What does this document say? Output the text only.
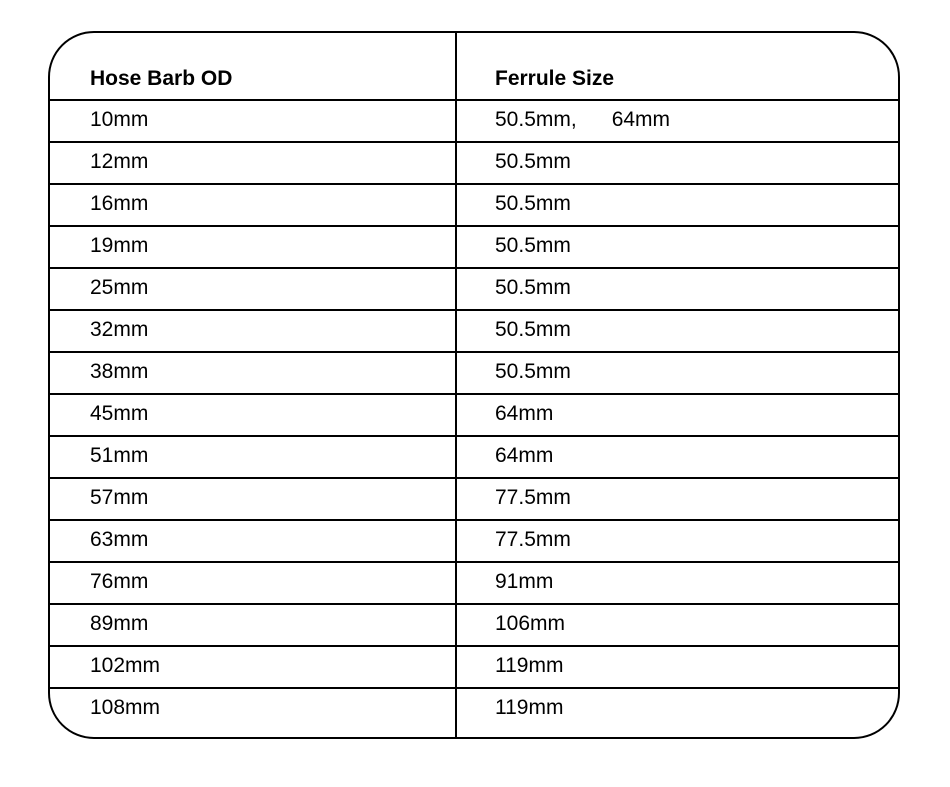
Hose Barb OD	Ferrule Size
10mm	50.5mm,      64mm
12mm	50.5mm
16mm	50.5mm
19mm	50.5mm
25mm	50.5mm
32mm	50.5mm
38mm	50.5mm
45mm	64mm
51mm	64mm
57mm	77.5mm
63mm	77.5mm
76mm	91mm
89mm	106mm
102mm	119mm
108mm	119mm
